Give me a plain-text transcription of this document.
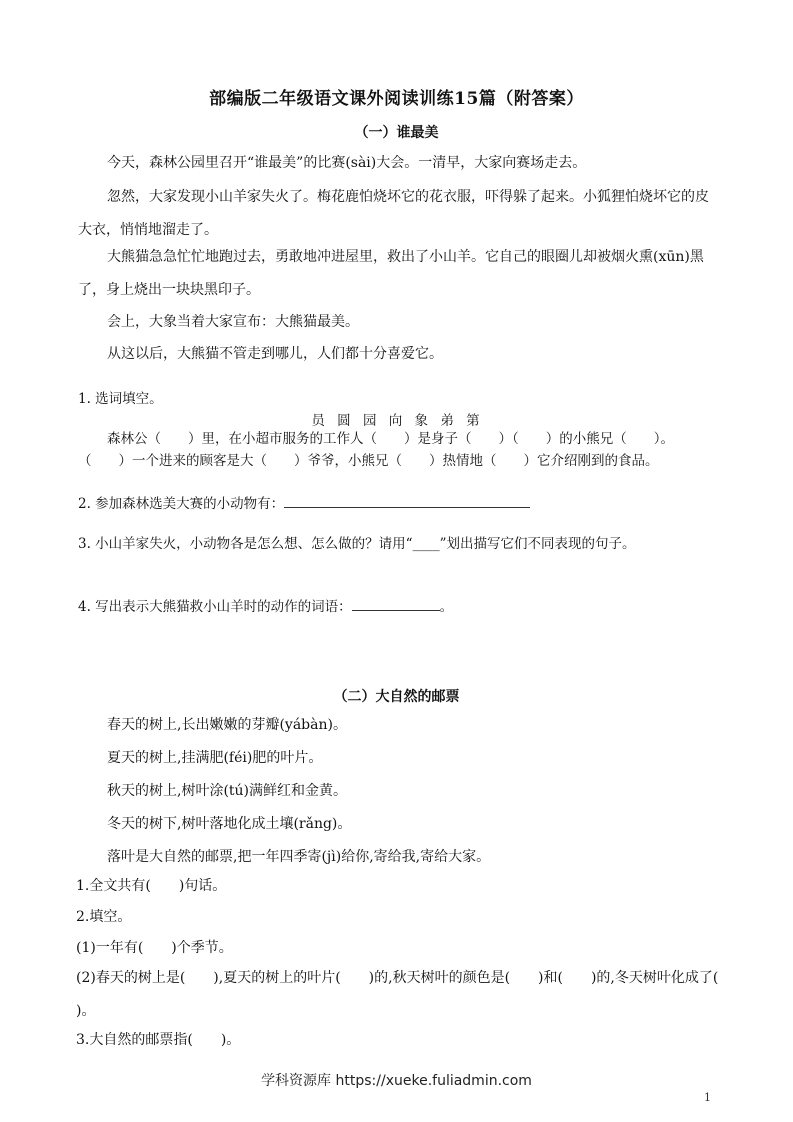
部编版二年级语文课外阅读训练15篇（附答案）
（一）谁最美
今天，森林公园里召开“谁最美”的比赛(sài)大会。一清早，大家向赛场走去。
忽然，大家发现小山羊家失火了。梅花鹿怕烧坏它的花衣服，吓得躲了起来。小狐狸怕烧坏它的皮大衣，悄悄地溜走了。
大熊猫急急忙忙地跑过去，勇敢地冲进屋里，救出了小山羊。它自己的眼圈儿却被烟火熏(xūn)黑了，身上烧出一块块黑印子。
会上，大象当着大家宣布：大熊猫最美。
从这以后，大熊猫不管走到哪儿，人们都十分喜爱它。
1. 选词填空。
员 圆 园 向 象 弟 第
森林公（　　）里，在小超市服务的工作人（　　）是身子（　　）（　　）的小熊兄（　　）。
（　　）一个进来的顾客是大（　　）爷爷，小熊兄（　　）热情地（　　）它介绍刚到的食品。
2. 参加森林选美大赛的小动物有：
3. 小山羊家失火，小动物各是怎么想、怎么做的？请用“____”划出描写它们不同表现的句子。
4. 写出表示大熊猫救小山羊时的动作的词语：	。
（二）大自然的邮票
春天的树上,长出嫩嫩的芽瓣(yábàn)。
夏天的树上,挂满肥(féi)肥的叶片。
秋天的树上,树叶涂(tú)满鲜红和金黄。
冬天的树下,树叶落地化成土壤(rǎng)。
落叶是大自然的邮票,把一年四季寄(jì)给你,寄给我,寄给大家。
1.全文共有(　　)句话。
2.填空。
(1)一年有(　　)个季节。
(2)春天的树上是(　　),夏天的树上的叶片(　　)的,秋天树叶的颜色是(　　)和(　　)的,冬天树叶化成了(　　)。
3.大自然的邮票指(　　)。
学科资源库 https://xueke.fuliadmin.com
1
